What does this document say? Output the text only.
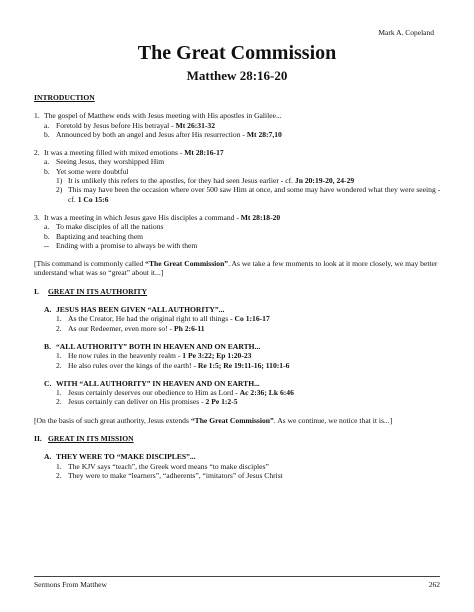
Mark A. Copeland
The Great Commission
Matthew 28:16-20
INTRODUCTION
1. The gospel of Matthew ends with Jesus meeting with His apostles in Galilee...
a. Foretold by Jesus before His betrayal - Mt 26:31-32
b. Announced by both an angel and Jesus after His resurrection - Mt 28:7,10
2. It was a meeting filled with mixed emotions - Mt 28:16-17
a. Seeing Jesus, they worshipped Him
b. Yet some were doubtful
1) It is unlikely this refers to the apostles, for they had seen Jesus earlier - cf. Jn 20:19-20, 24-29
2) This may have been the occasion where over 500 saw Him at once, and some may have wondered what they were seeing - cf. 1 Co 15:6
3. It was a meeting in which Jesus gave His disciples a command - Mt 28:18-20
a. To make disciples of all the nations
b. Baptizing and teaching them
-- Ending with a promise to always be with them
[This command is commonly called “The Great Commission”. As we take a few moments to look at it more closely, we may better understand what was so “great” about it...]
I. GREAT IN ITS AUTHORITY
A. JESUS HAS BEEN GIVEN “ALL AUTHORITY”...
1. As the Creator, He had the original right to all things - Co 1:16-17
2. As our Redeemer, even more so! - Ph 2:6-11
B. “ALL AUTHORITY” BOTH IN HEAVEN AND ON EARTH...
1. He now rules in the heavenly realm - 1 Pe 3:22; Ep 1:20-23
2. He also rules over the kings of the earth! - Re 1:5; Re 19:11-16; 110:1-6
C. WITH “ALL AUTHORITY” IN HEAVEN AND ON EARTH...
1. Jesus certainly deserves our obedience to Him as Lord - Ac 2:36; Lk 6:46
2. Jesus certainly can deliver on His promises - 2 Pe 1:2-5
[On the basis of such great authority, Jesus extends “The Great Commission”. As we continue, we notice that it is...]
II. GREAT IN ITS MISSION
A. THEY WERE TO “MAKE DISCIPLES”...
1. The KJV says “teach”, the Greek word means “to make disciples”
2. They were to make “learners”, “adherents”, “imitators” of Jesus Christ
Sermons From Matthew	262
